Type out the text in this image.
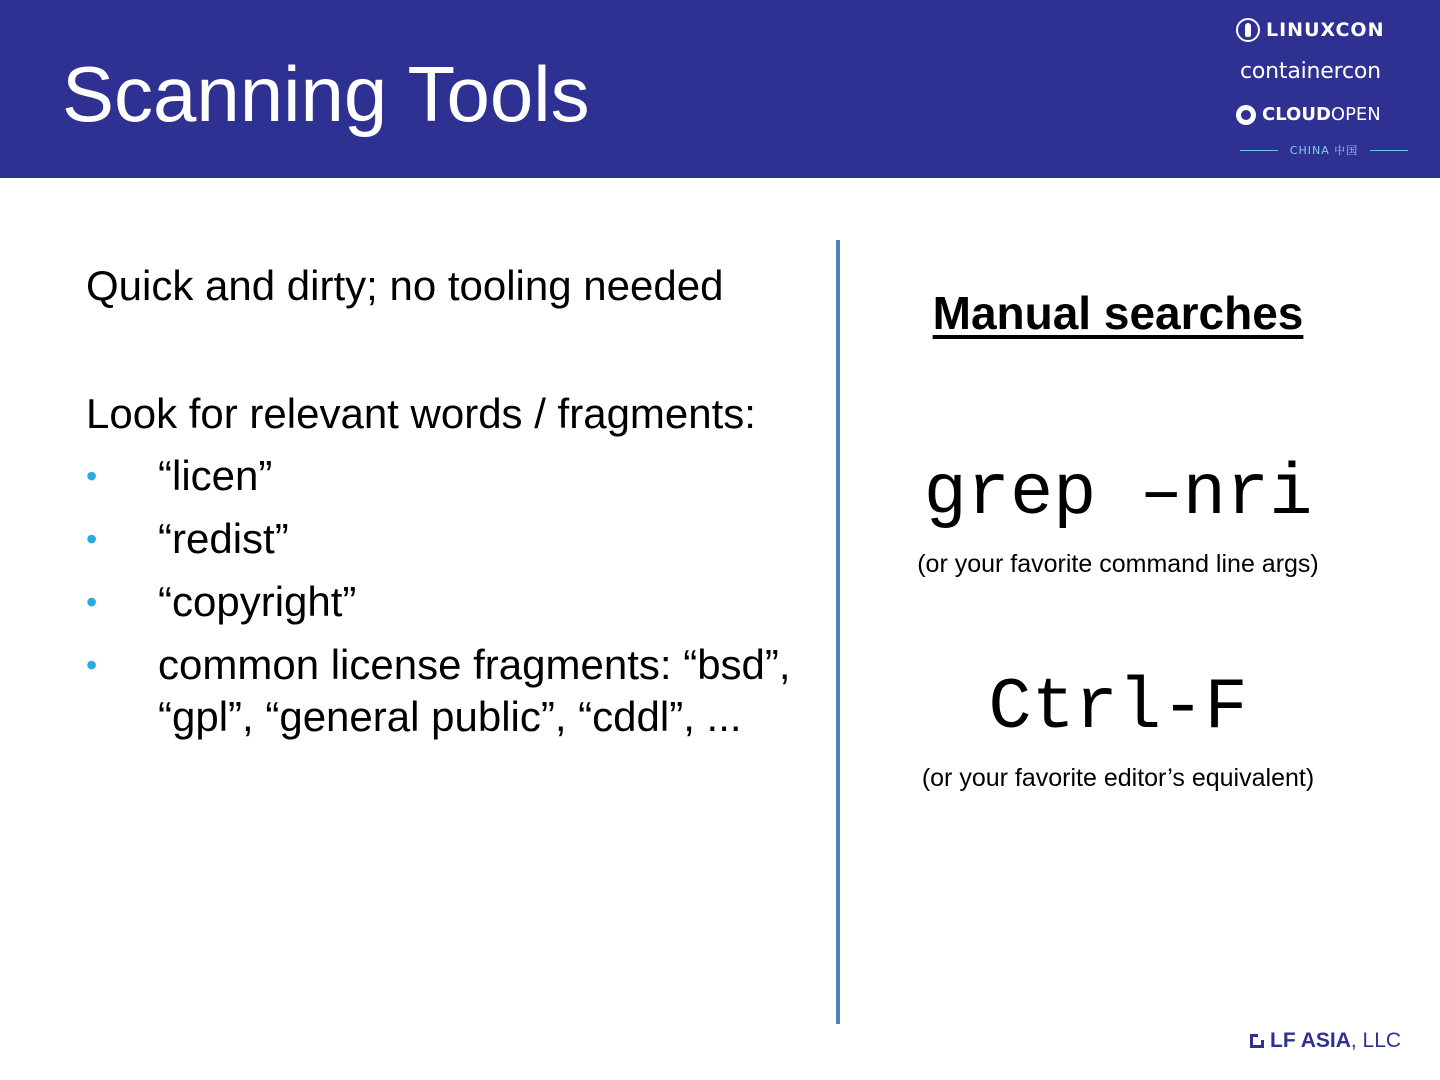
Scanning Tools
LINUXCON
containercon
CLOUD OPEN
CHINA 中国

Quick and dirty; no tooling needed

Look for relevant words / fragments:

• “licen”
• “redist”
• “copyright”
• common license fragments: “bsd”, “gpl”, “general public”, “cddl”, ...
Manual searches
grep –nri
(or your favorite command line args)
Ctrl-F
(or your favorite editor’s equivalent)
LF ASIA , LLC
